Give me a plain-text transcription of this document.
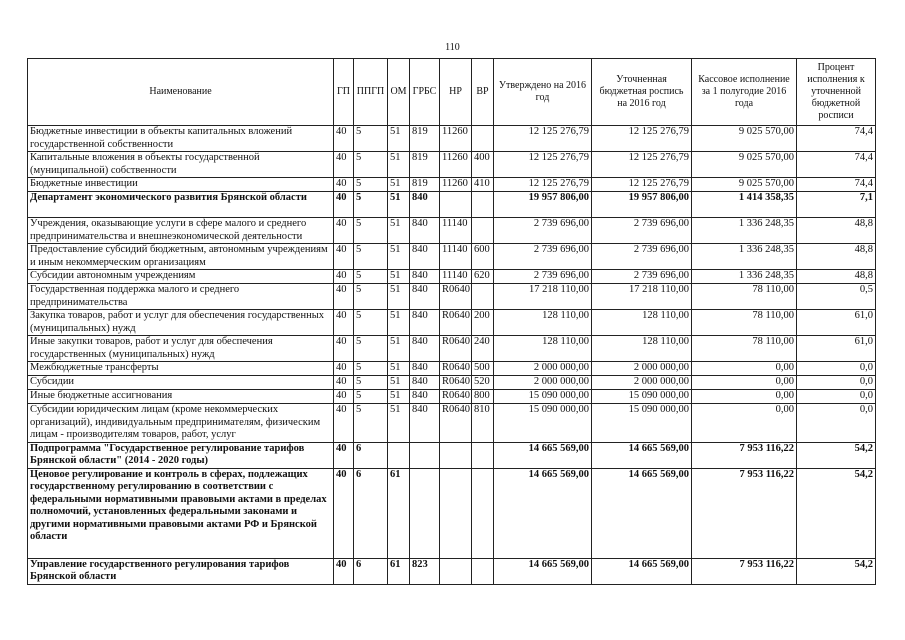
110
Наименование	ГП	ППГП	ОМ	ГРБС	НР	ВР	Утверждено на 2016 год	Уточненная бюджетная роспись на 2016 год	Кассовое исполнение за 1 полугодие 2016 года	Процент исполнения к уточненной бюджетной росписи
Бюджетные инвестиции в объекты капитальных вложений государственной собственности	40	5	51	819	11260		12 125 276,79	12 125 276,79	9 025 570,00	74,4
Капитальные вложения в объекты государственной (муниципальной) собственности	40	5	51	819	11260	400	12 125 276,79	12 125 276,79	9 025 570,00	74,4
Бюджетные инвестиции	40	5	51	819	11260	410	12 125 276,79	12 125 276,79	9 025 570,00	74,4
Департамент экономического развития Брянской области	40	5	51	840			19 957 806,00	19 957 806,00	1 414 358,35	7,1
Учреждения, оказывающие услуги в сфере малого и среднего предпринимательства и внешнеэкономической деятельности	40	5	51	840	11140		2 739 696,00	2 739 696,00	1 336 248,35	48,8
Предоставление субсидий бюджетным, автономным учреждениям и иным некоммерческим организациям	40	5	51	840	11140	600	2 739 696,00	2 739 696,00	1 336 248,35	48,8
Субсидии автономным учреждениям	40	5	51	840	11140	620	2 739 696,00	2 739 696,00	1 336 248,35	48,8
Государственная поддержка малого и среднего предпринимательства	40	5	51	840	R0640		17 218 110,00	17 218 110,00	78 110,00	0,5
Закупка товаров, работ и услуг для обеспечения государственных (муниципальных) нужд	40	5	51	840	R0640	200	128 110,00	128 110,00	78 110,00	61,0
Иные закупки товаров, работ и услуг для обеспечения государственных (муниципальных) нужд	40	5	51	840	R0640	240	128 110,00	128 110,00	78 110,00	61,0
Межбюджетные трансферты	40	5	51	840	R0640	500	2 000 000,00	2 000 000,00	0,00	0,0
Субсидии	40	5	51	840	R0640	520	2 000 000,00	2 000 000,00	0,00	0,0
Иные бюджетные ассигнования	40	5	51	840	R0640	800	15 090 000,00	15 090 000,00	0,00	0,0
Субсидии юридическим лицам (кроме некоммерческих организаций), индивидуальным предпринимателям, физическим лицам - производителям товаров, работ, услуг	40	5	51	840	R0640	810	15 090 000,00	15 090 000,00	0,00	0,0
Подпрограмма "Государственное регулирование тарифов Брянской области" (2014 - 2020 годы)	40	6					14 665 569,00	14 665 569,00	7 953 116,22	54,2
Ценовое регулирование и контроль в сферах, подлежащих государственному регулированию в соответствии с федеральными нормативными правовыми актами в пределах полномочий, установленных федеральными законами и другими нормативными правовыми актами РФ и Брянской области	40	6	61				14 665 569,00	14 665 569,00	7 953 116,22	54,2
Управление государственного регулирования тарифов Брянской области	40	6	61	823			14 665 569,00	14 665 569,00	7 953 116,22	54,2
